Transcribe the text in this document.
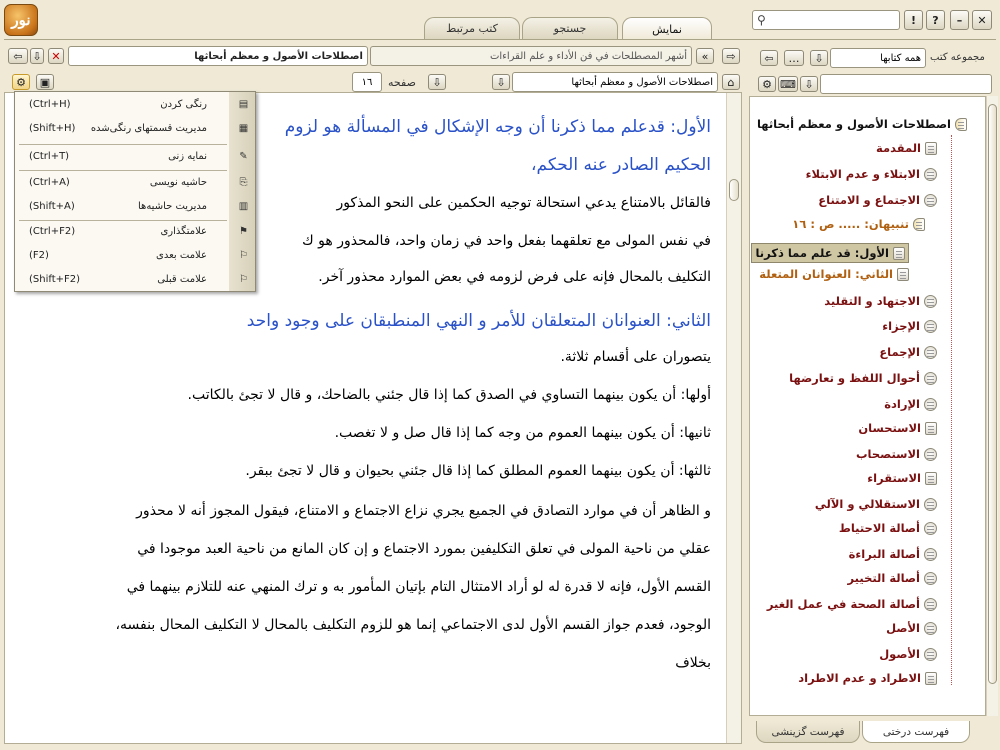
نور	نمایش
جستجو
کتب مرتبط
⚲	!	?	–	✕
⇦ ⇩ ✕	اصطلاحات الأصول و معظم أبحاثها	أشهر المصطلحات في فن الأداء و علم القراءات	«	⇨
⚙	▣	١٦	صفحه	⇩	⇩	اصطلاحات الأصول و معظم أبحاثها	⌂
الأول: قدعلم مما ذكرنا أن وجه الإشكال في المسألة هو لزوم
الحكيم الصادر عنه الحكم،
فالقائل بالامتناع يدعي استحالة توجيه الحكمين على النحو المذكور
في نفس المولى مع تعلقهما بفعل واحد في زمان واحد، فالمحذور هو ك
التكليف بالمحال فإنه على فرض لزومه في بعض الموارد محذور آخر.
الثاني: العنوانان المتعلقان للأمر و النهي المنطبقان على وجود واحد
يتصوران على أقسام ثلاثة.
أولها: أن يكون بينهما التساوي في الصدق كما إذا قال جئني بالضاحك، و قال لا تجئ بالكاتب.
ثانيها: أن يكون بينهما العموم من وجه كما إذا قال صل و لا تغصب.
ثالثها: أن يكون بينهما العموم المطلق كما إذا قال جئني بحيوان و قال لا تجئ ببقر.
و الظاهر أن في موارد التصادق في الجميع يجري نزاع الاجتماع و الامتناع، فيقول المجوز أنه لا محذور
عقلي من ناحية المولى في تعلق التكليفين بمورد الاجتماع و إن كان المانع من ناحية العبد موجودا في
القسم الأول، فإنه لا قدرة له لو أراد الامتثال التام بإتيان المأمور به و ترك المنهي عنه للتلازم بينهما في
الوجود، فعدم جواز القسم الأول لدى الاجتماعي إنما هو للزوم التكليف بالمحال لا التكليف المحال بنفسه،
بخلاف
(Ctrl+H)	رنگی کردن	▤
(Shift+H) مدیریت قسمتهای رنگی‌شده	▦
(Ctrl+T)	نمایه زنی	✎
(Ctrl+A)	حاشیه نویسی	⎘
(Shift+A)	مدیریت حاشیه‌ها	▥
(Ctrl+F2)	علامتگذاری	⚑
(F2)	علامت بعدی	⚐
(Shift+F2)	علامت قبلی	⚐
مجموعه كتب
همه كتابها
⇩
…
⇦
⇩
⌨
⚙
اصطلاحات الأصول و معظم أبحاثها
المقدمة
الابتلاء و عدم الابتلاء
الاجتماع و الامتناع
تنبيهان: ..... ص : ١٦
الأول: قد علم مما ذكرنا
الثاني: العنوانان المتعلة
الاجتهاد و التقليد
الإجزاء
الإجماع
أحوال اللفظ و تعارضها
الإرادة
الاستحسان
الاستصحاب
الاستقراء
الاستقلالي و الآلي
أصالة الاحتياط
أصالة البراءة
أصالة التخيير
أصالة الصحة في عمل الغير
الأصل
الأصول
الاطراد و عدم الاطراد
فهرست درختی
فهرست گزينشی
